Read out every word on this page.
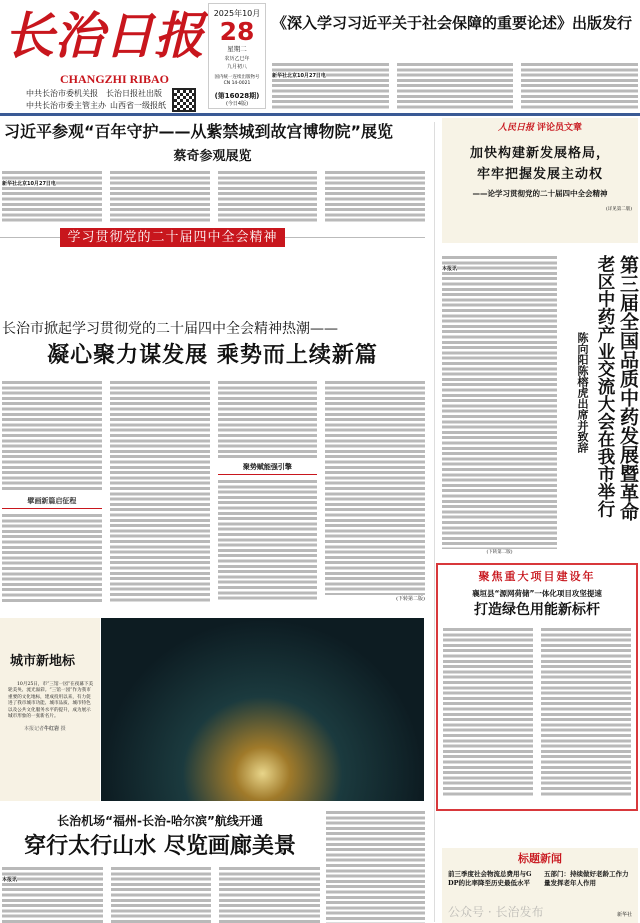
长治日报
CHANGZHI RIBAO
中共长治市委机关报 长治日报社出版
中共长治市委主管主办 山西省一级报纸
2025年10月
28
星期二
农历乙巳年
九月初八
国内统一连续出版物号
CN 14-0021
(第16028期)
(今日4版)
《深入学习习近平关于社会保障的重要论述》出版发行
新华社北京10月27日电
习近平参观“百年守护——从紫禁城到故宫博物院”展览
蔡奇参观展览
新华社北京10月27日电
学习贯彻党的二十届四中全会精神
长治市掀起学习贯彻党的二十届四中全会精神热潮——
凝心聚力谋发展 乘势而上续新篇
擘画新篇启征程
聚势赋能强引擎
(下转第二版)
城市新地标
10月25日，市“三馆一园”在夜幕下美轮美奂、流光溢彩。“三馆一园”作为我市重要的文化地标，建成投用以来，有力促进了我市城市功能、城市品质、城市特色以及公共文化服务水平的提升，成为展示城市形象的一张新名片。
本报记者牛红岩 摄
长治机场“福州-长治-哈尔滨”航线开通
穿行太行山水 尽览画廊美景
本报讯
人民日报 评论员文章
加快构建新发展格局，
牢牢把握发展主动权
——论学习贯彻党的二十届四中全会精神
(详见第二版)
本报讯
(下转第二版)
第三届全国品质中药发展暨革命
老区中药产业交流大会在我市举行
陈向阳陈榕虎出席并致辞
聚焦重大项目建设年
襄垣县“源网荷储”一体化项目攻坚提速
打造绿色用能新标杆
标题新闻
前三季度社会物流总费用与GDP的比率降至历史最低水平
五部门：持续做好老龄工作力量发挥老年人作用
公众号 · 长治发布	新华社
